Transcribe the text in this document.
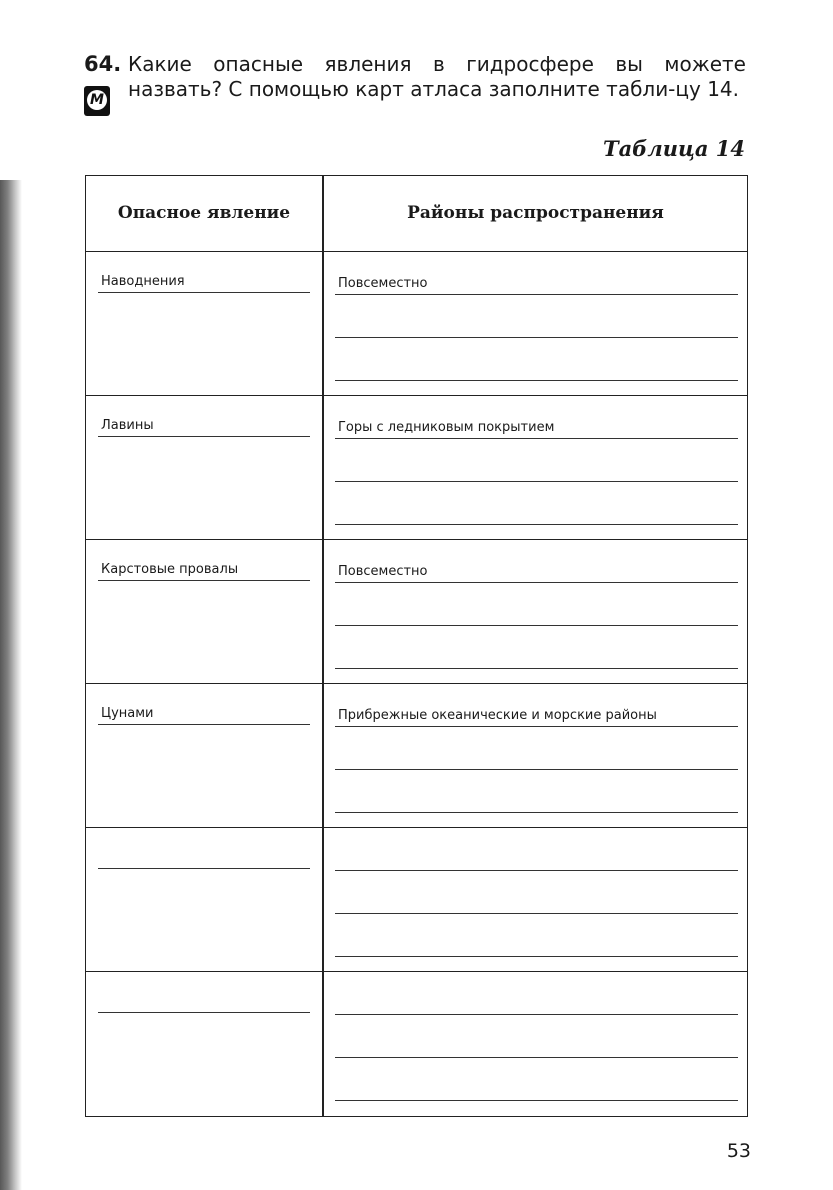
64.
М
Какие опасные явления в гидросфере вы можете назвать? С помощью карт атласа заполните табли-цу 14.
Таблица 14
Опасное явление	Районы распространения
Наводнения	Повсеместно
Лавины	Горы с ледниковым покрытием
Карстовые провалы	Повсеместно
Цунами	Прибрежные океанические и морские районы
53
